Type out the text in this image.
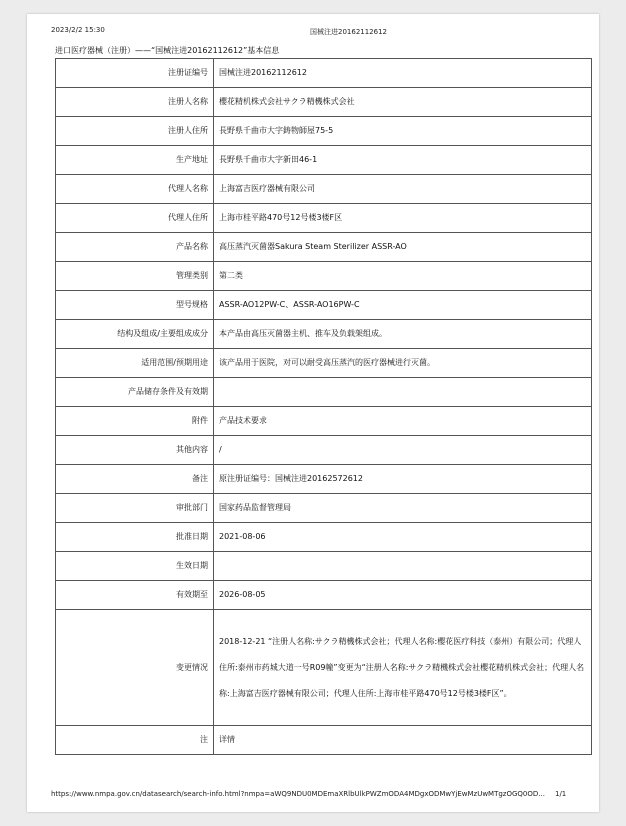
2023/2/2 15:30	国械注进20162112612
进口医疗器械（注册）——“国械注进20162112612”基本信息
注册证编号	国械注进20162112612
注册人名称	櫻花精机株式会社サクラ精機株式会社
注册人住所	長野県千曲市大字鋳物師屋75-5
生产地址	長野県千曲市大字新田46-1
代理人名称	上海富吉医疗器械有限公司
代理人住所	上海市桂平路470号12号楼3楼F区
产品名称	高压蒸汽灭菌器Sakura Steam Sterilizer ASSR-AO
管理类别	第二类
型号规格	ASSR-AO12PW-C、ASSR-AO16PW-C
结构及组成/主要组成成分	本产品由高压灭菌器主机、推车及负载架组成。
适用范围/预期用途	该产品用于医院，对可以耐受高压蒸汽的医疗器械进行灭菌。
产品储存条件及有效期	
附件	产品技术要求
其他内容	/
备注	原注册证编号：国械注进20162572612
审批部门	国家药品监督管理局
批准日期	2021-08-06
生效日期	
有效期至	2026-08-05
变更情况	2018-12-21 “注册人名称:サクラ精機株式会社；代理人名称:櫻花医疗科技（泰州）有限公司；代理人住所:泰州市药城大道一号R09幢”变更为“注册人名称:サクラ精機株式会社櫻花精机株式会社；代理人名称:上海富吉医疗器械有限公司；代理人住所:上海市桂平路470号12号楼3楼F区”。
注	详情
https://www.nmpa.gov.cn/datasearch/search-info.html?nmpa=aWQ9NDU0MDEmaXRlbUlkPWZmODA4MDgxODMwYjEwMzUwMTgzOGQ0OD...	1/1
